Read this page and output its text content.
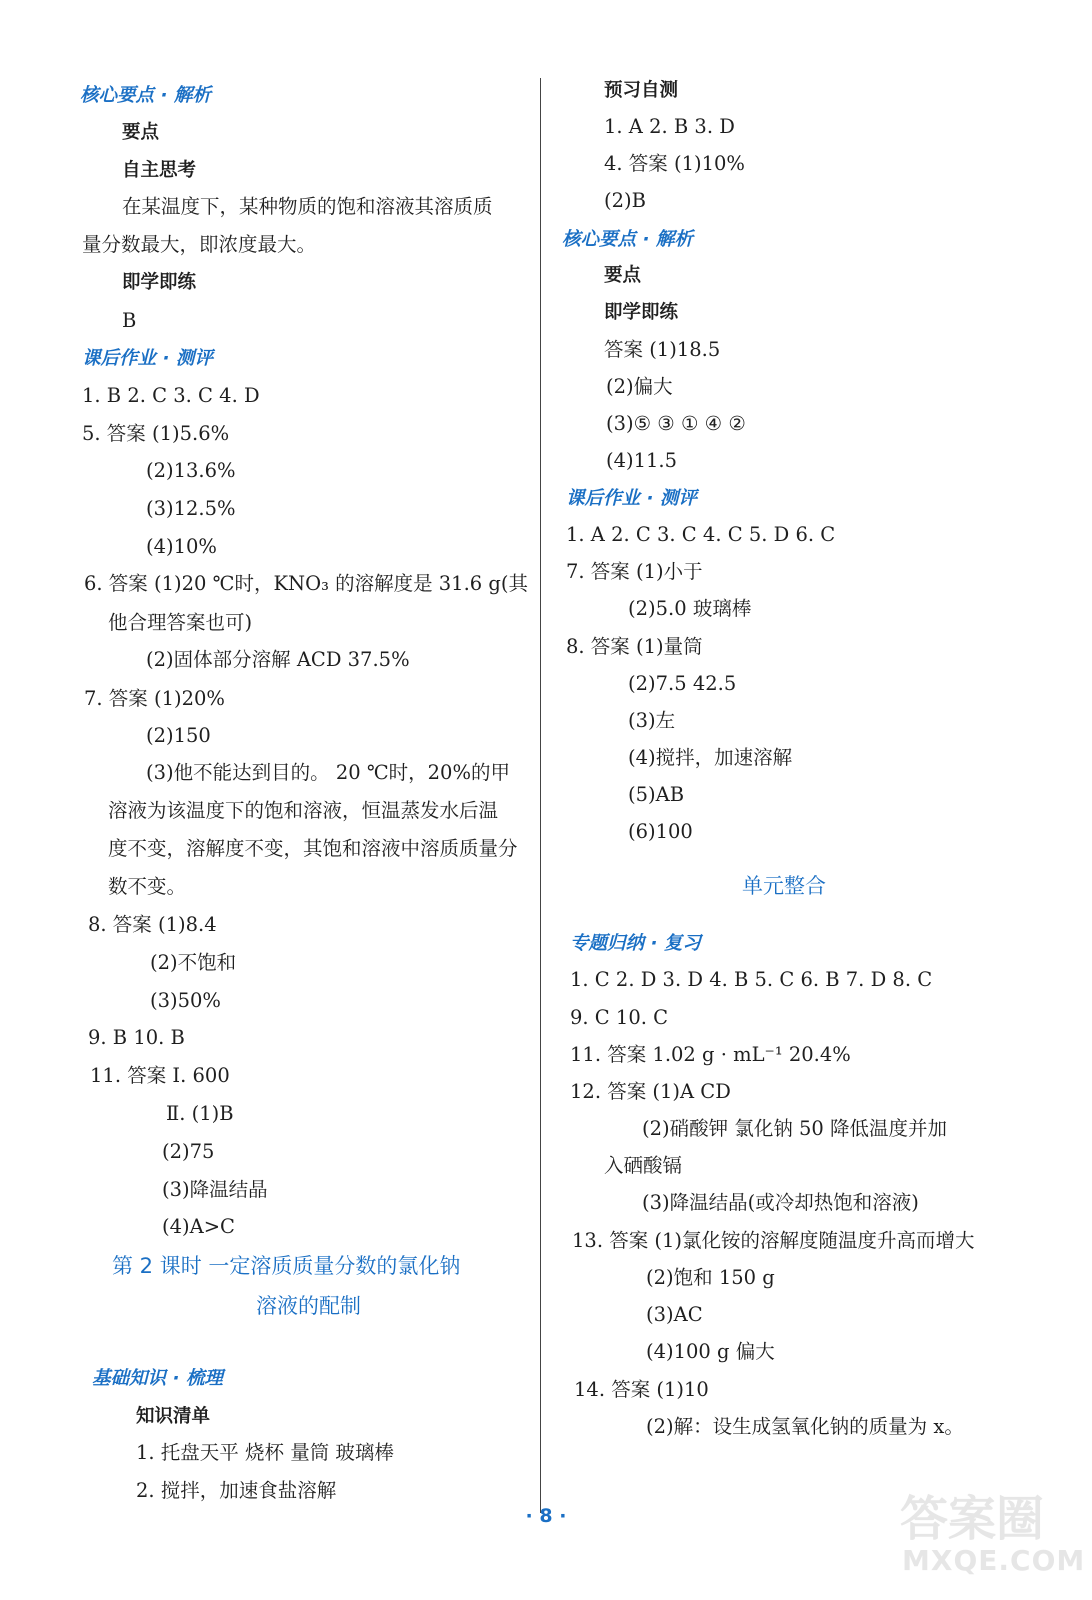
核心要点 · 解析
要点
自主思考
在某温度下，某种物质的饱和溶液其溶质质
量分数最大，即浓度最大。
即学即练
B
课后作业 · 测评
1. B 2. C 3. C 4. D
5. 答案 (1)5.6%
(2)13.6%
(3)12.5%
(4)10%
6. 答案 (1)20 ℃时，KNO₃ 的溶解度是 31.6 g(其
他合理答案也可)
(2)固体部分溶解 ACD 37.5%
7. 答案 (1)20%
(2)150
(3)他不能达到目的。 20 ℃时，20%的甲
溶液为该温度下的饱和溶液，恒温蒸发水后温
度不变，溶解度不变，其饱和溶液中溶质质量分
数不变。
8. 答案 (1)8.4
(2)不饱和
(3)50%
9. B 10. B
11. 答案 Ⅰ. 600
Ⅱ. (1)B
(2)75
(3)降温结晶
(4)A>C
第 2 课时 一定溶质质量分数的氯化钠
溶液的配制
基础知识 · 梳理
知识清单
1. 托盘天平 烧杯 量筒 玻璃棒
2. 搅拌，加速食盐溶解
预习自测
1. A 2. B 3. D
4. 答案 (1)10%
(2)B
核心要点 · 解析
要点
即学即练
答案 (1)18.5
(2)偏大
(3)⑤ ③ ① ④ ②
(4)11.5
课后作业 · 测评
1. A 2. C 3. C 4. C 5. D 6. C
7. 答案 (1)小于
(2)5.0 玻璃棒
8. 答案 (1)量筒
(2)7.5 42.5
(3)左
(4)搅拌，加速溶解
(5)AB
(6)100
单元整合
专题归纳 · 复习
1. C 2. D 3. D 4. B 5. C 6. B 7. D 8. C
9. C 10. C
11. 答案 1.02 g · mL⁻¹ 20.4%
12. 答案 (1)A CD
(2)硝酸钾 氯化钠 50 降低温度并加
入硒酸镉
(3)降温结晶(或冷却热饱和溶液)
13. 答案 (1)氯化铵的溶解度随温度升高而增大
(2)饱和 150 g
(3)AC
(4)100 g 偏大
14. 答案 (1)10
(2)解：设生成氢氧化钠的质量为 x。
· 8 ·	答案圈
MXQE.COM
